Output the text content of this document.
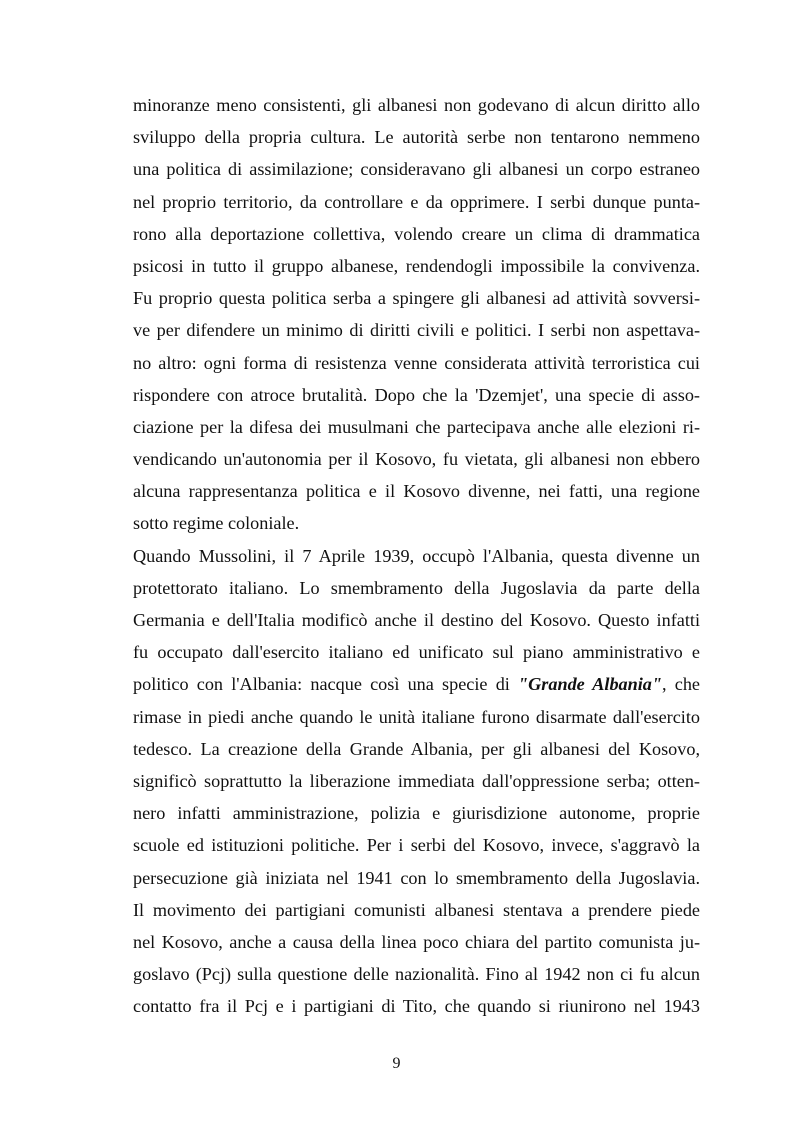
minoranze meno consistenti, gli albanesi non godevano di alcun diritto allo
sviluppo della propria cultura. Le autorità serbe non tentarono nemmeno
una politica di assimilazione; consideravano gli albanesi un corpo estraneo
nel proprio territorio, da controllare e da opprimere. I serbi dunque punta-
rono alla deportazione collettiva, volendo creare un clima di drammatica
psicosi in tutto il gruppo albanese, rendendogli impossibile la convivenza.
Fu proprio questa politica serba a spingere gli albanesi ad attività sovversi-
ve per difendere un minimo di diritti civili e politici. I serbi non aspettava-
no altro: ogni forma di resistenza venne considerata attività terroristica cui
rispondere con atroce brutalità. Dopo che la 'Dzemjet', una specie di asso-
ciazione per la difesa dei musulmani che partecipava anche alle elezioni ri-
vendicando un'autonomia per il Kosovo, fu vietata, gli albanesi non ebbero
alcuna rappresentanza politica e il Kosovo divenne, nei fatti, una regione
sotto regime coloniale.
Quando Mussolini, il 7 Aprile 1939, occupò l'Albania, questa divenne un
protettorato italiano. Lo smembramento della Jugoslavia da parte della
Germania e dell'Italia modificò anche il destino del Kosovo. Questo infatti
fu occupato dall'esercito italiano ed unificato sul piano amministrativo e
politico con l'Albania: nacque così una specie di "Grande Albania", che
rimase in piedi anche quando le unità italiane furono disarmate dall'esercito
tedesco. La creazione della Grande Albania, per gli albanesi del Kosovo,
significò soprattutto la liberazione immediata dall'oppressione serba; otten-
nero infatti amministrazione, polizia e giurisdizione autonome, proprie
scuole ed istituzioni politiche. Per i serbi del Kosovo, invece, s'aggravò la
persecuzione già iniziata nel 1941 con lo smembramento della Jugoslavia.
Il movimento dei partigiani comunisti albanesi stentava a prendere piede
nel Kosovo, anche a causa della linea poco chiara del partito comunista ju-
goslavo (Pcj) sulla questione delle nazionalità. Fino al 1942 non ci fu alcun
contatto fra il Pcj e i partigiani di Tito, che quando si riunirono nel 1943
9
